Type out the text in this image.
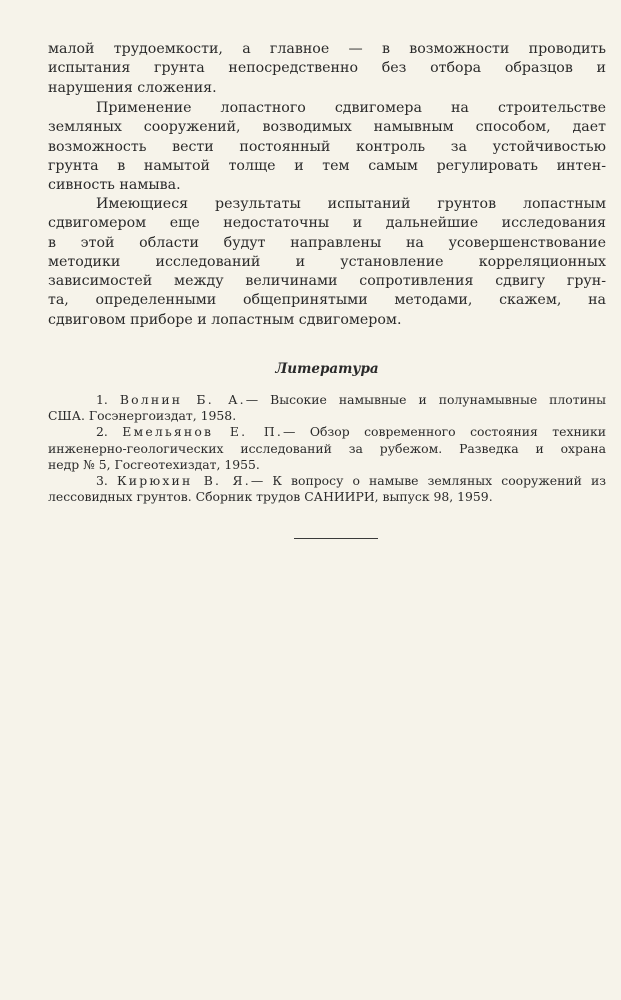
малой трудоемкости, а главное — в возможности проводить
испытания грунта непосредственно без отбора образцов и
нарушения сложения.

Применение лопастного сдвигомера на строительстве
земляных сооружений, возводимых намывным способом, дает
возможность вести постоянный контроль за устойчивостью
грунта в намытой толще и тем самым регулировать интен-
сивность намыва.

Имеющиеся результаты испытаний грунтов лопастным
сдвигомером еще недостаточны и дальнейшие исследования
в этой области будут направлены на усовершенствование
методики исследований и установление корреляционных
зависимостей между величинами сопротивления сдвигу грун-
та, определенными общепринятыми методами, скажем, на
сдвиговом приборе и лопастным сдвигомером.

Литература

1. Волнин Б. А.— Высокие намывные и полунамывные плотины
США. Госэнергоиздат, 1958.

2. Емельянов Е. П.— Обзор современного состояния техники
инженерно-геологических исследований за рубежом. Разведка и охрана
недр № 5, Госгеотехиздат, 1955.

3. Кирюхин В. Я.— К вопросу о намыве земляных сооружений из
лессовидных грунтов. Сборник трудов САНИИРИ, выпуск 98, 1959.
